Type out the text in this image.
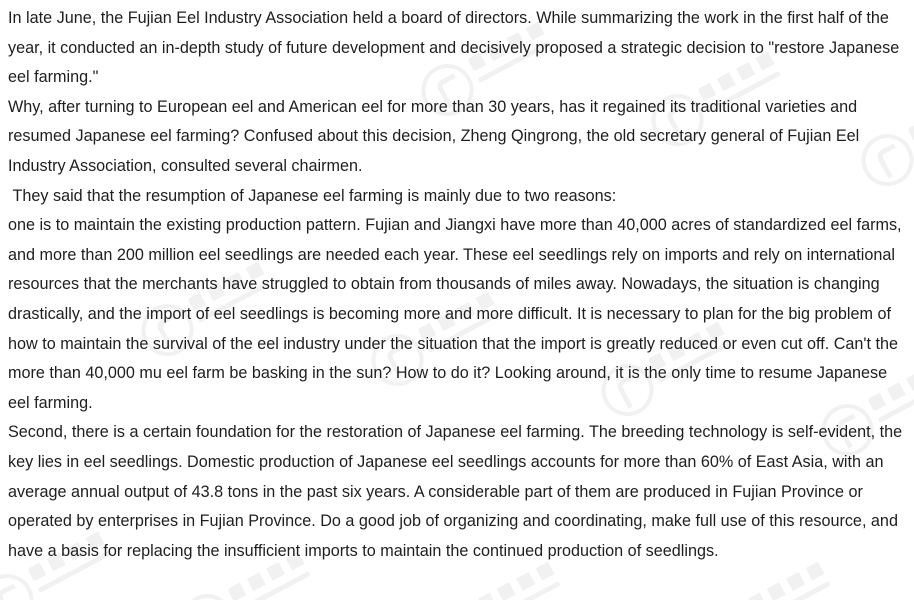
In late June, the Fujian Eel Industry Association held a board of directors. While summarizing the work in the first half of the year, it conducted an in-depth study of future development and decisively proposed a strategic decision to "restore Japanese eel farming."

Why, after turning to European eel and American eel for more than 30 years, has it regained its traditional varieties and resumed Japanese eel farming? Confused about this decision, Zheng Qingrong, the old secretary general of Fujian Eel Industry Association, consulted several chairmen.

They said that the resumption of Japanese eel farming is mainly due to two reasons:

one is to maintain the existing production pattern. Fujian and Jiangxi have more than 40,000 acres of standardized eel farms, and more than 200 million eel seedlings are needed each year. These eel seedlings rely on imports and rely on international resources that the merchants have struggled to obtain from thousands of miles away. Nowadays, the situation is changing drastically, and the import of eel seedlings is becoming more and more difficult. It is necessary to plan for the big problem of how to maintain the survival of the eel industry under the situation that the import is greatly reduced or even cut off. Can't the more than 40,000 mu eel farm be basking in the sun? How to do it? Looking around, it is the only time to resume Japanese eel farming.

Second, there is a certain foundation for the restoration of Japanese eel farming. The breeding technology is self-evident, the key lies in eel seedlings. Domestic production of Japanese eel seedlings accounts for more than 60% of East Asia, with an average annual output of 43.8 tons in the past six years. A considerable part of them are produced in Fujian Province or operated by enterprises in Fujian Province. Do a good job of organizing and coordinating, make full use of this resource, and have a basis for replacing the insufficient imports to maintain the continued production of seedlings.
